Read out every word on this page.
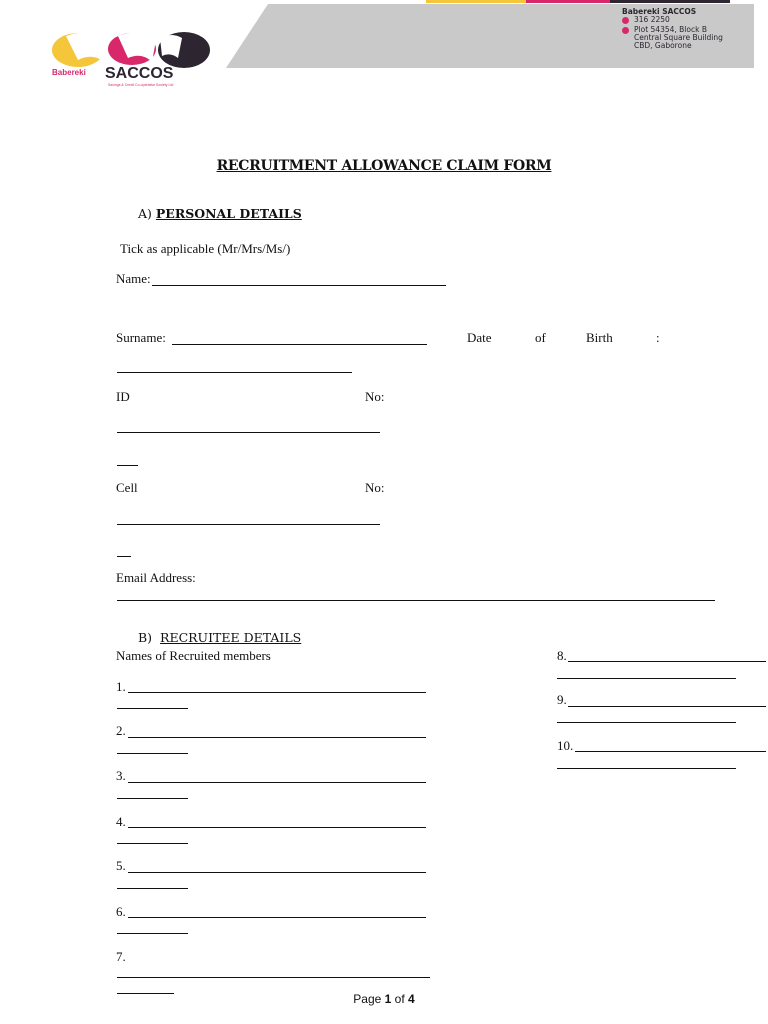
Babereki SACCOS
Savings & Credit Co-operative Society Ltd
Babereki SACCOS
316 2250
Plot 54354, Block B
Central Square Building
CBD, Gaborone
RECRUITMENT ALLOWANCE CLAIM FORM
A) PERSONAL DETAILS
Tick as applicable (Mr/Mrs/Ms/)
Name:
Surname:	Date	of	Birth	:
ID	No:
Cell	No:
Email Address:
B) RECRUITEE DETAILS
Names of Recruited members
1.
2.
3.
4.
5.
6.
7.
8.
9.
10.
Page 1 of 4
